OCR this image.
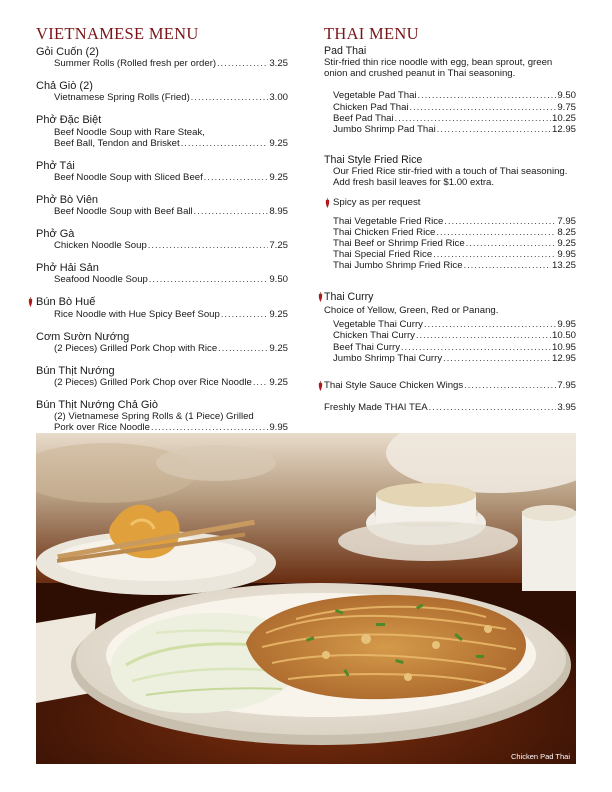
VIETNAMESE MENU
Gỏi Cuốn (2)
Summer Rolls (Rolled fresh per order) .....	3.25
Chả Giò (2)
Vietnamese Spring Rolls (Fried) .....	3.00
Phở Đặc Biệt
Beef Noodle Soup with Rare Steak,
Beef Ball, Tendon and Brisket .....	9.25
Phở Tái
Beef Noodle Soup with Sliced Beef .....	9.25
Phở Bò Viên
Beef Noodle Soup with Beef Ball .....	8.95
Phở Gà
Chicken Noodle Soup .....	7.25
Phở Hải Sản
Seafood Noodle Soup .....	9.50
Bún Bò Huế
Rice Noodle with Hue Spicy Beef Soup .....	9.25
Cơm Sườn Nướng
(2 Pieces) Grilled Pork Chop with Rice .....	9.25
Bún Thịt Nướng
(2 Pieces) Grilled Pork Chop over Rice Noodle ..... 9.25
Bún Thịt Nướng Chả Giò
(2) Vietnamese Spring Rolls & (1 Piece) Grilled
Pork over Rice Noodle .....	9.95
THAI MENU
Pad Thai
Stir-fried thin rice noodle with egg, bean sprout, green
onion and crushed peanut in Thai seasoning.
Vegetable Pad Thai .....	9.50
Chicken Pad Thai .....	9.75
Beef Pad Thai .....	10.25
Jumbo Shrimp Pad Thai .....	12.95
Thai Style Fried Rice
Our Fried Rice stir-fried with a touch of Thai seasoning.
Add fresh basil leaves for $1.00 extra.
Spicy as per request
Thai Vegetable Fried Rice .....	7.95
Thai Chicken Fried Rice .....	8.25
Thai Beef or Shrimp Fried Rice .....	9.25
Thai Special Fried Rice .....	9.95
Thai Jumbo Shrimp Fried Rice .....	13.25
Thai Curry
Choice of Yellow, Green, Red or Panang.
Vegetable Thai Curry .....	9.95
Chicken Thai Curry .....	10.50
Beef Thai Curry .....	10.95
Jumbo Shrimp Thai Curry .....	12.95
Thai Style Sauce Chicken Wings .....	7.95
Freshly Made THAI TEA .....	3.95
Chicken Pad Thai
